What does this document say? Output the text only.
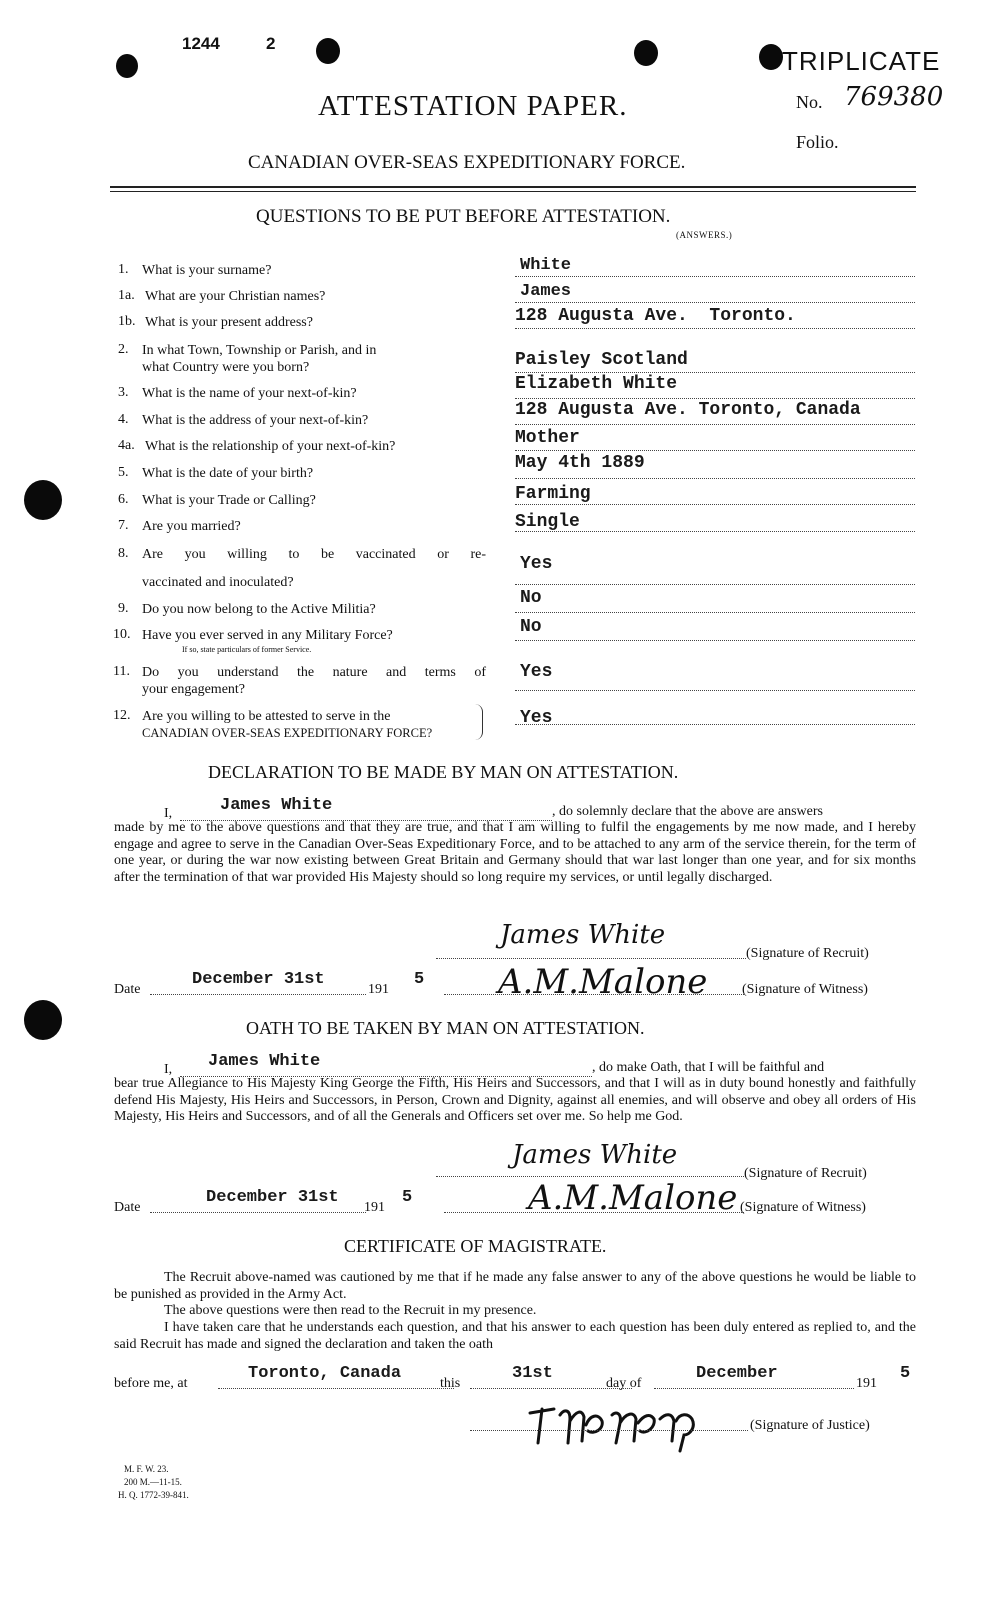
1244	2
TRIPLICATE
ATTESTATION PAPER.	No. 769380
Folio.
CANADIAN OVER-SEAS EXPEDITIONARY FORCE.
QUESTIONS TO BE PUT BEFORE ATTESTATION.
(ANSWERS.)
1. What is your surname?	White
1a. What are your Christian names?	James
1b. What is your present address?	128 Augusta Ave.  Toronto.
2. In what Town, Township or Parish, and in
what Country were you born?	Paisley Scotland
3. What is the name of your next-of-kin?	Elizabeth White
4. What is the address of your next-of-kin?
128 Augusta Ave. Toronto, Canada
4a. What is the relationship of your next-of-kin?	Mother
5. What is the date of your birth?
May 4th 1889
6. What is your Trade or Calling?	Farming
7. Are you married?	Single
8. Are you willing to be vaccinated or re-
vaccinated and inoculated?
Yes
9. Do you now belong to the Active Militia?
No
10. Have you ever served in any Military Force?
If so, state particulars of former Service.
No
11. Do you understand the nature and terms of
your engagement?
Yes
12. Are you willing to be attested to serve in the
CANADIAN OVER-SEAS EXPEDITIONARY FORCE?
Yes
DECLARATION TO BE MADE BY MAN ON ATTESTATION.
I,	James White	, do solemnly declare that the above are answers
made by me to the above questions and that they are true, and that I am willing to fulfil the engagements by me now made, and I hereby engage and agree to serve in the Canadian Over-Seas Expeditionary Force, and to be attached to any arm of the service therein, for the term of one year, or during the war now existing between Great Britain and Germany should that war last longer than one year, and for six months after the termination of that war provided His Majesty should so long require my services, or until legally discharged.
James White
(Signature of Recruit)
Date
December 31st
191
5 A.M.Malone (Signature of Witness)
OATH TO BE TAKEN BY MAN ON ATTESTATION.
I, James White	, do make Oath, that I will be faithful and
bear true Allegiance to His Majesty King George the Fifth, His Heirs and Successors, and that I will as in duty bound honestly and faithfully defend His Majesty, His Heirs and Successors, in Person, Crown and Dignity, against all enemies, and will observe and obey all orders of His Majesty, His Heirs and Successors, and of all the Generals and Officers set over me. So help me God.
James White
(Signature of Recruit)
Date
December 31st
191
5	A.M.Malone (Signature of Witness)
CERTIFICATE OF MAGISTRATE.
The Recruit above-named was cautioned by me that if he made any false answer to any of the above questions he would be liable to be punished as provided in the Army Act.
The above questions were then read to the Recruit in my presence.
I have taken care that he understands each question, and that his answer to each question has been duly entered as replied to, and the said Recruit has made and signed the declaration and taken the oath
before me, at
Toronto, Canada
this
31st
day of
December
191
5
(Signature of Justice)
M. F. W. 23.
200 M.—11-15.
H. Q. 1772-39-841.
